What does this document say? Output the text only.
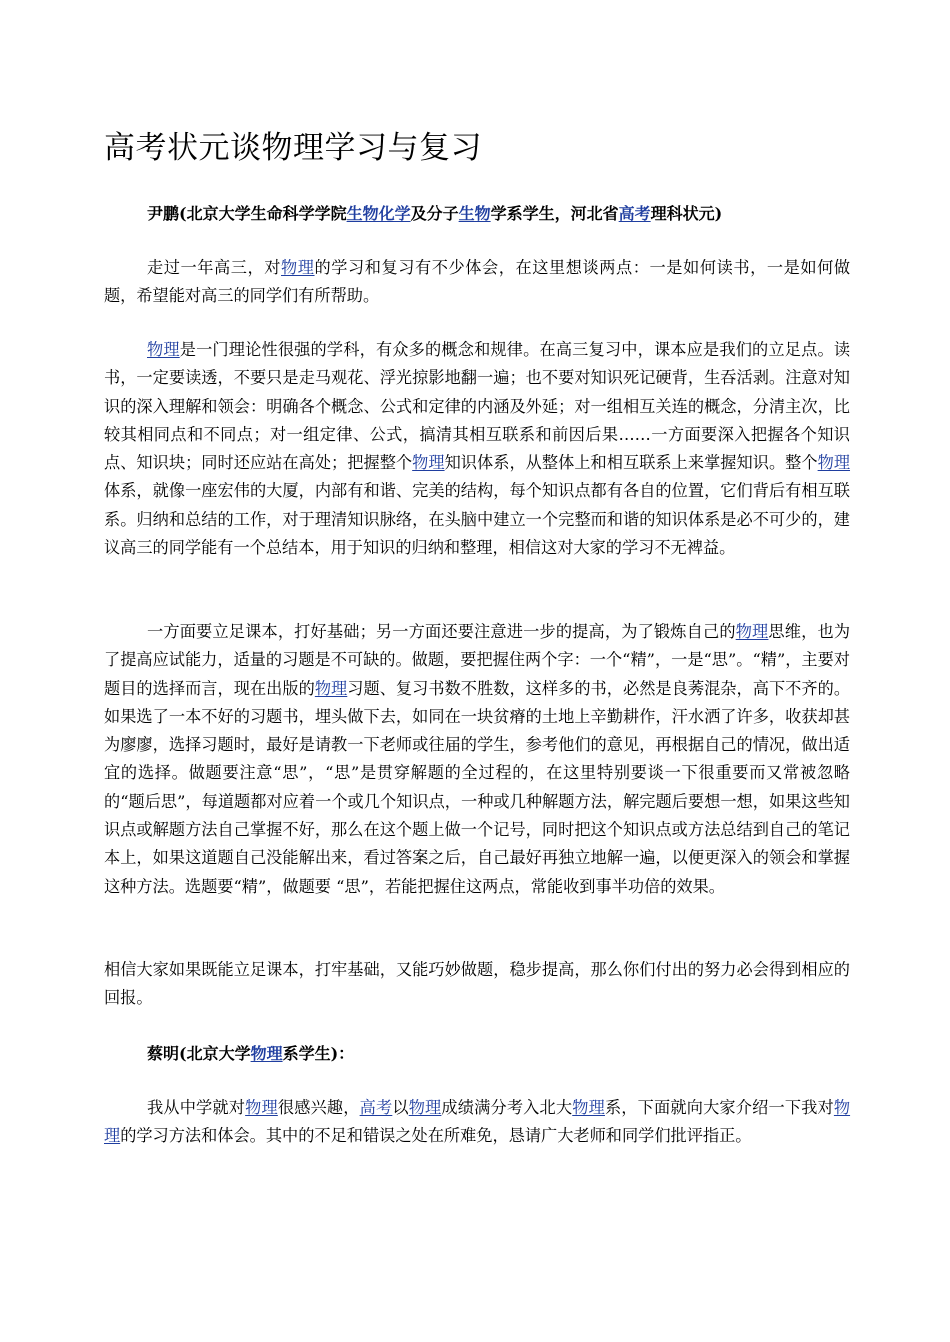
高考状元谈物理学习与复习

尹鹏(北京大学生命科学学院生物化学及分子生物学系学生，河北省高考理科状元)

走过一年高三，对物理的学习和复习有不少体会，在这里想谈两点：一是如何读书，一是如何做题，希望能对高三的同学们有所帮助。

物理是一门理论性很强的学科，有众多的概念和规律。在高三复习中，课本应是我们的立足点。读书，一定要读透，不要只是走马观花、浮光掠影地翻一遍；也不要对知识死记硬背，生吞活剥。注意对知识的深入理解和领会：明确各个概念、公式和定律的内涵及外延；对一组相互关连的概念，分清主次，比较其相同点和不同点；对一组定律、公式，搞清其相互联系和前因后果……一方面要深入把握各个知识点、知识块；同时还应站在高处；把握整个物理知识体系，从整体上和相互联系上来掌握知识。整个物理体系，就像一座宏伟的大厦，内部有和谐、完美的结构，每个知识点都有各自的位置，它们背后有相互联系。归纳和总结的工作，对于理清知识脉络，在头脑中建立一个完整而和谐的知识体系是必不可少的，建议高三的同学能有一个总结本，用于知识的归纳和整理，相信这对大家的学习不无裨益。

一方面要立足课本，打好基础；另一方面还要注意进一步的提高，为了锻炼自己的物理思维，也为了提高应试能力，适量的习题是不可缺的。做题，要把握住两个字：一个“精”，一是“思”。“精”，主要对题目的选择而言，现在出版的物理习题、复习书数不胜数，这样多的书，必然是良莠混杂，高下不齐的。如果选了一本不好的习题书，埋头做下去，如同在一块贫瘠的土地上辛勤耕作，汗水洒了许多，收获却甚为廖廖，选择习题时，最好是请教一下老师或往届的学生，参考他们的意见，再根据自己的情况，做出适宜的选择。做题要注意“思”，“思”是贯穿解题的全过程的，在这里特别要谈一下很重要而又常被忽略的“题后思”，每道题都对应着一个或几个知识点，一种或几种解题方法，解完题后要想一想，如果这些知识点或解题方法自己掌握不好，那么在这个题上做一个记号，同时把这个知识点或方法总结到自己的笔记本上，如果这道题自己没能解出来，看过答案之后，自己最好再独立地解一遍，以便更深入的领会和掌握这种方法。选题要“精”，做题要 “思”，若能把握住这两点，常能收到事半功倍的效果。

相信大家如果既能立足课本，打牢基础，又能巧妙做题，稳步提高，那么你们付出的努力必会得到相应的回报。

蔡明(北京大学物理系学生)：

我从中学就对物理很感兴趣，高考以物理成绩满分考入北大物理系，下面就向大家介绍一下我对物理的学习方法和体会。其中的不足和错误之处在所难免，恳请广大老师和同学们批评指正。
